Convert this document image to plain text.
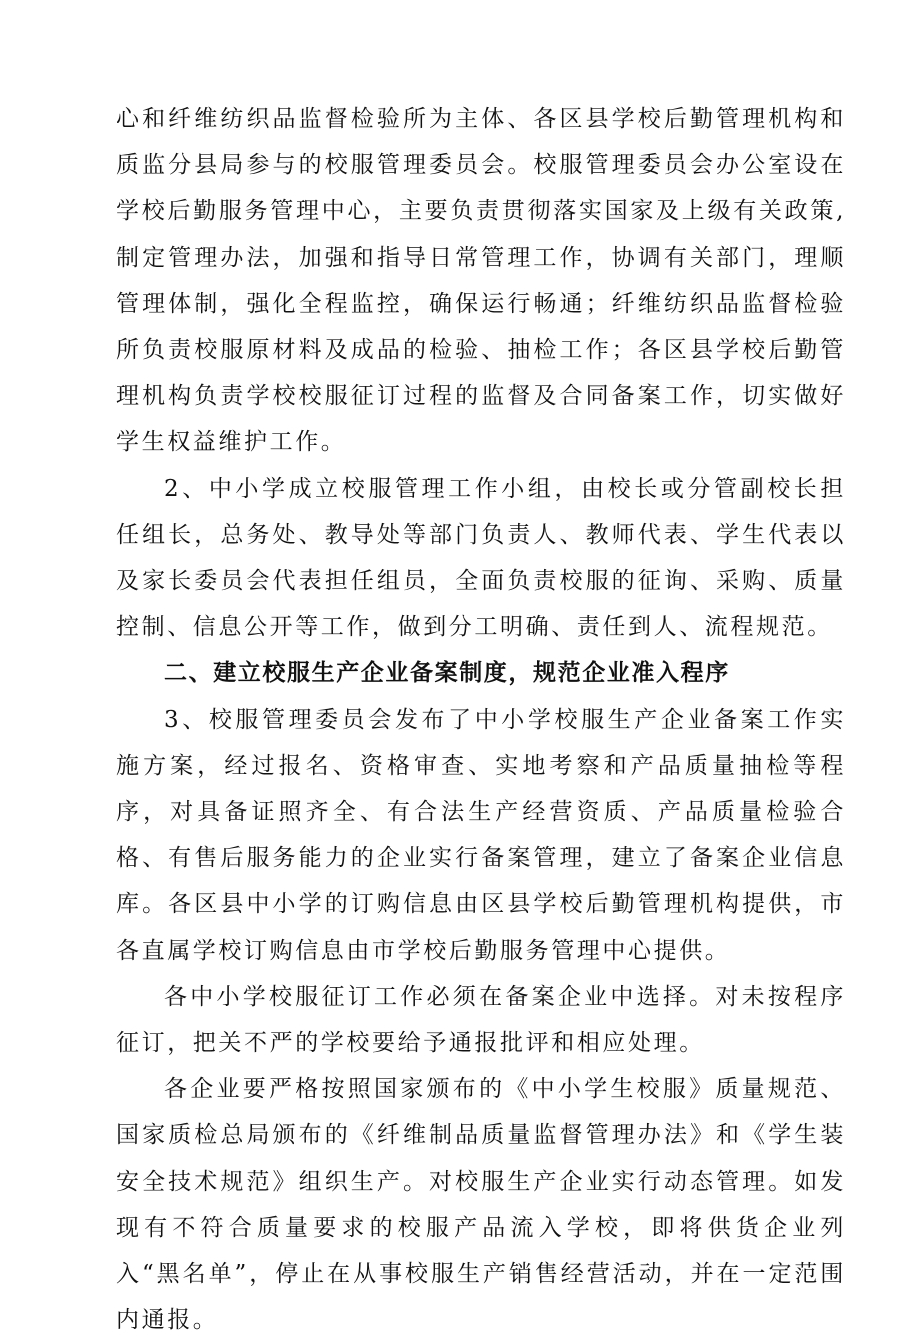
心和纤维纺织品监督检验所为主体、各区县学校后勤管理机构和质监分县局参与的校服管理委员会。校服管理委员会办公室设在学校后勤服务管理中心，主要负责贯彻落实国家及上级有关政策,制定管理办法，加强和指导日常管理工作，协调有关部门，理顺管理体制，强化全程监控，确保运行畅通；纤维纺织品监督检验所负责校服原材料及成品的检验、抽检工作；各区县学校后勤管理机构负责学校校服征订过程的监督及合同备案工作，切实做好学生权益维护工作。

2、中小学成立校服管理工作小组，由校长或分管副校长担任组长，总务处、教导处等部门负责人、教师代表、学生代表以及家长委员会代表担任组员，全面负责校服的征询、采购、质量控制、信息公开等工作，做到分工明确、责任到人、流程规范。

二、建立校服生产企业备案制度，规范企业准入程序

3、校服管理委员会发布了中小学校服生产企业备案工作实施方案，经过报名、资格审查、实地考察和产品质量抽检等程序，对具备证照齐全、有合法生产经营资质、产品质量检验合格、有售后服务能力的企业实行备案管理，建立了备案企业信息库。各区县中小学的订购信息由区县学校后勤管理机构提供，市各直属学校订购信息由市学校后勤服务管理中心提供。

各中小学校服征订工作必须在备案企业中选择。对未按程序征订，把关不严的学校要给予通报批评和相应处理。

各企业要严格按照国家颁布的《中小学生校服》质量规范、国家质检总局颁布的《纤维制品质量监督管理办法》和《学生装安全技术规范》组织生产。对校服生产企业实行动态管理。如发现有不符合质量要求的校服产品流入学校，即将供货企业列入“黑名单”，停止在从事校服生产销售经营活动，并在一定范围内通报。
